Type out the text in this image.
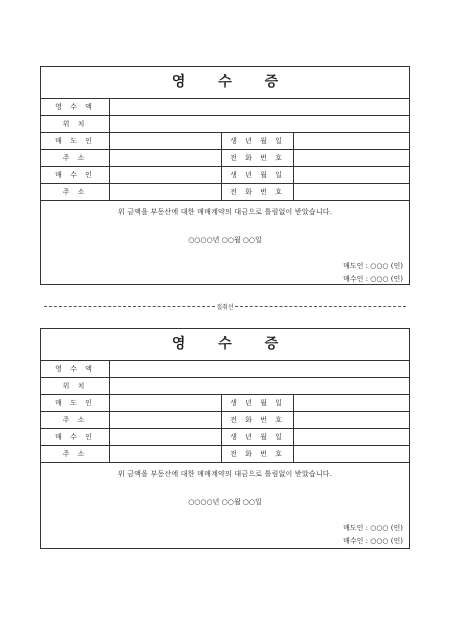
영 수 증
영 수 액
위 치
매 도 인	생 년 월 일
주 소	전 화 번 호
매 수 인	생 년 월 일
주 소	전 화 번 호
위 금액을 부동산에 대한 매매계약의 대금으로 틀림없이 받았습니다.
○○○○년 ○○월 ○○일
매도인 : ○○○ (인)
매수인 : ○○○ (인)
절취선
영 수 증
영 수 액
위 치
매 도 인	생 년 월 일
주 소	전 화 번 호
매 수 인	생 년 월 일
주 소	전 화 번 호
위 금액을 부동산에 대한 매매계약의 대금으로 틀림없이 받았습니다.
○○○○년 ○○월 ○○일
매도인 : ○○○ (인)
매수인 : ○○○ (인)
